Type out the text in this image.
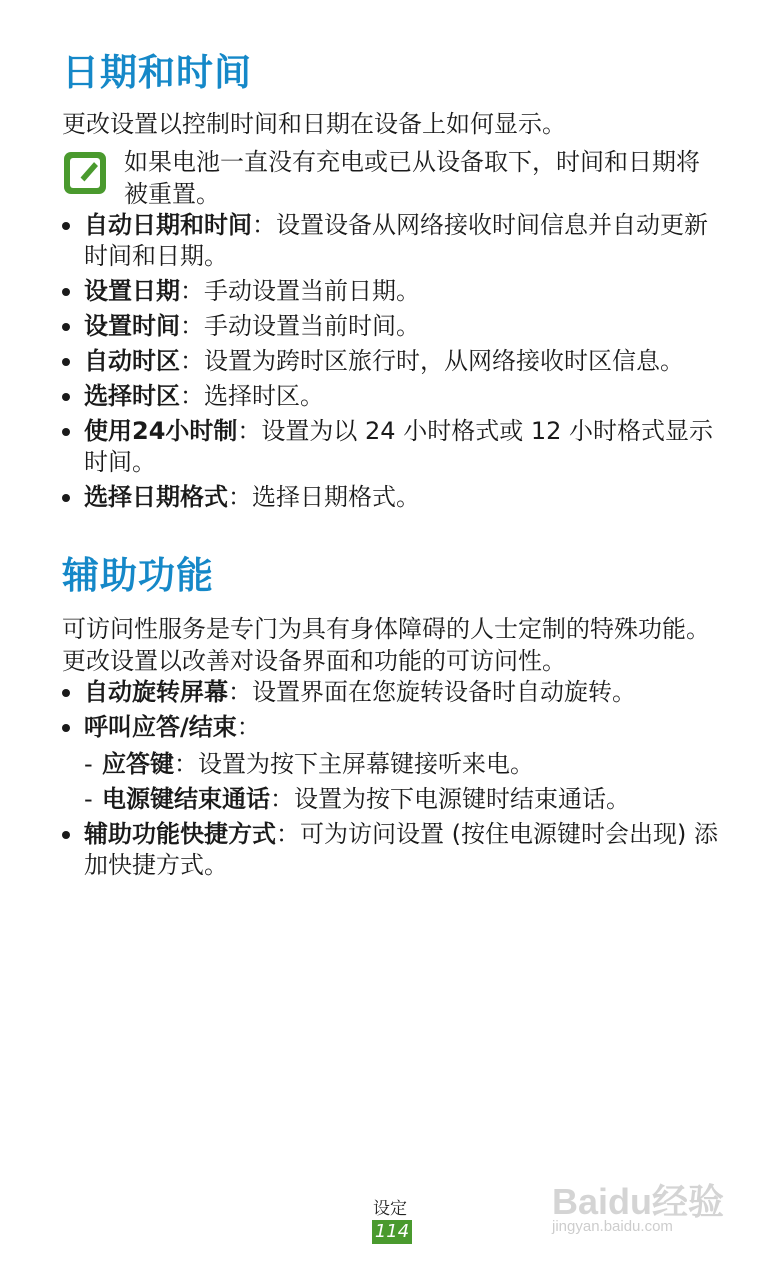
日期和时间

更改设置以控制时间和日期在设备上如何显示。

如果电池一直没有充电或已从设备取下，时间和日期将被重置。
自动日期和时间：设置设备从网络接收时间信息并自动更新时间和日期。
设置日期：手动设置当前日期。
设置时间：手动设置当前时间。
自动时区：设置为跨时区旅行时，从网络接收时区信息。
选择时区：选择时区。
使用24小时制：设置为以 24 小时格式或 12 小时格式显示时间。
选择日期格式：选择日期格式。
辅助功能

可访问性服务是专门为具有身体障碍的人士定制的特殊功能。更改设置以改善对设备界面和功能的可访问性。

自动旋转屏幕：设置界面在您旋转设备时自动旋转。
呼叫应答/结束：
- 应答键：设置为按下主屏幕键接听来电。
- 电源键结束通话：设置为按下电源键时结束通话。
辅助功能快捷方式：可为访问设置 (按住电源键时会出现) 添加快捷方式。
设定
114
Baidu经验
jingyan.baidu.com
